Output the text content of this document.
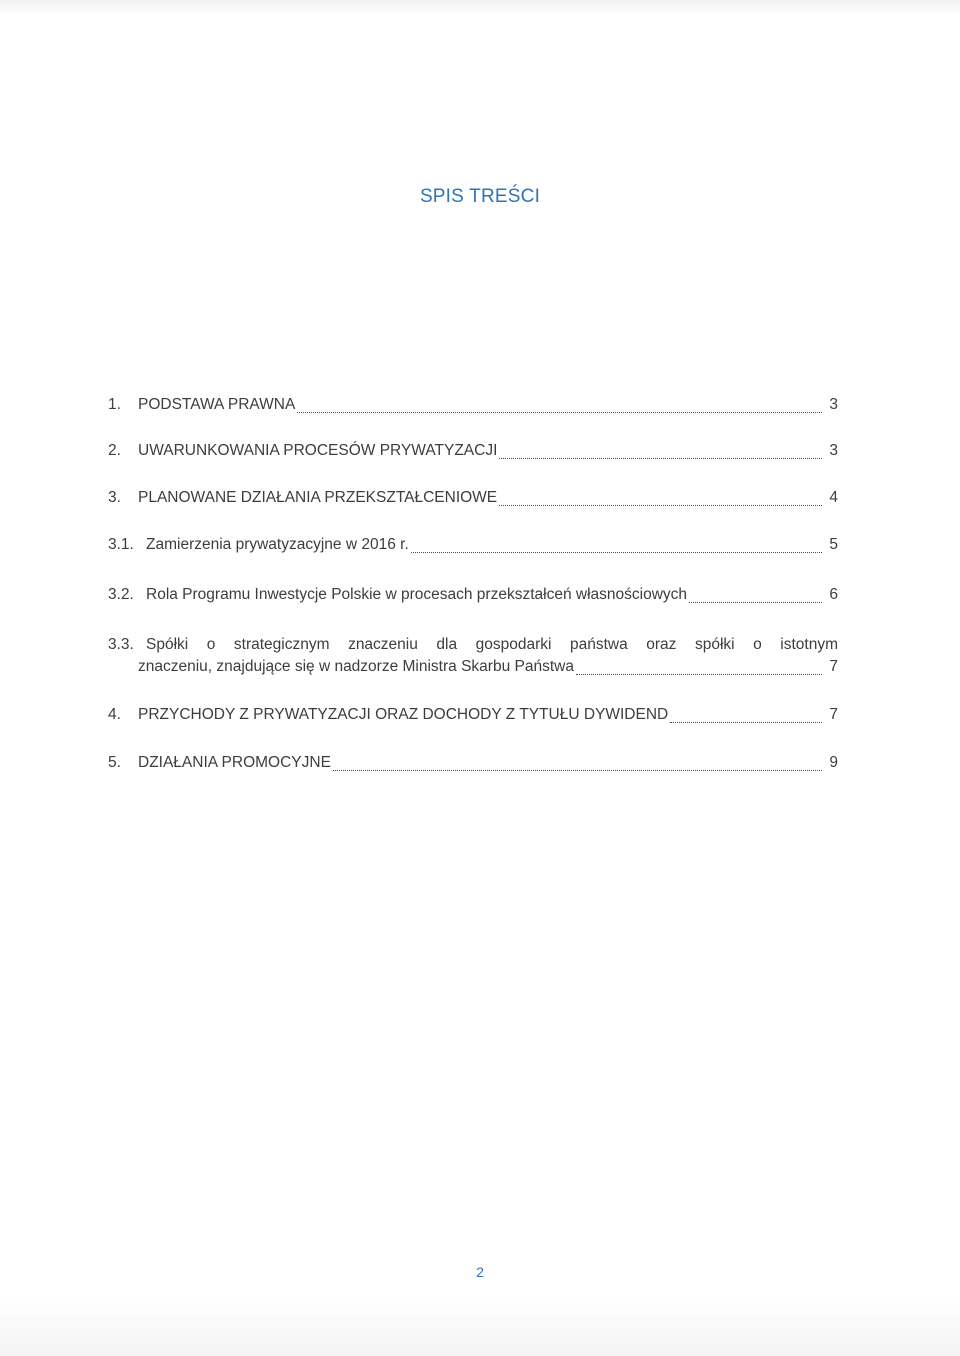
SPIS TREŚCI
1.	PODSTAWA PRAWNA	3
2.	UWARUNKOWANIA PROCESÓW PRYWATYZACJI	3
3.	PLANOWANE DZIAŁANIA PRZEKSZTAŁCENIOWE	4
3.1. Zamierzenia prywatyzacyjne w 2016 r.	5
3.2. Rola Programu Inwestycje Polskie w procesach przekształceń własnościowych	6
3.3. Spółki o strategicznym znaczeniu dla gospodarki państwa oraz spółki o istotnym
znaczeniu, znajdujące się w nadzorze Ministra Skarbu Państwa	7
4.	PRZYCHODY Z PRYWATYZACJI ORAZ DOCHODY Z TYTUŁU DYWIDEND	7
5.	DZIAŁANIA PROMOCYJNE	9
2
